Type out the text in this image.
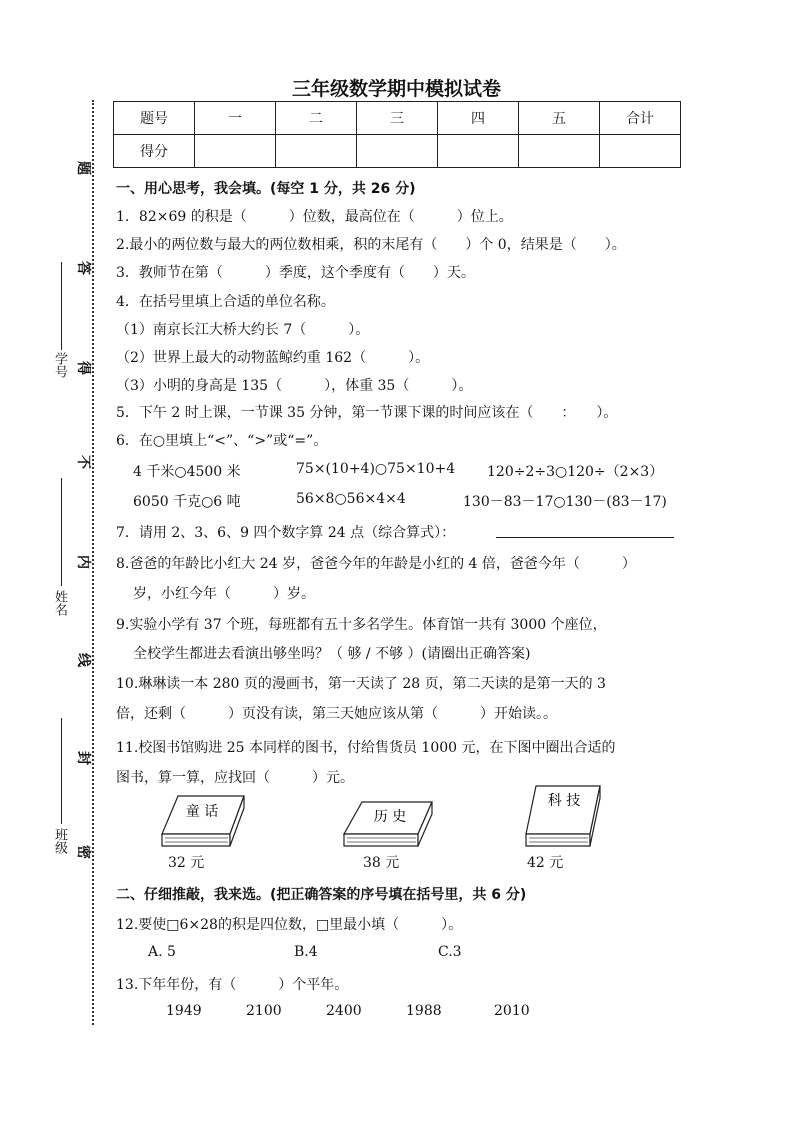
三年级数学期中模拟试卷
题号	一	二	三	四	五	合计
得分						
题
答
得
不
内
线
封
密
学号
姓名
班级
一、用心思考，我会填。(每空 1 分，共 26 分)
1．82×69 的积是（　　　）位数，最高位在（　　　）位上。
2.最小的两位数与最大的两位数相乘，积的末尾有（　　）个 0，结果是（　　）。
3．教师节在第（　　　）季度，这个季度有（　　）天。
4．在括号里填上合适的单位名称。
（1）南京长江大桥大约长 7（　　　）。
（2）世界上最大的动物蓝鲸约重 162（　　　）。
（3）小明的身高是 135（　　　），体重 35（　　　）。
5．下午 2 时上课，一节课 35 分钟，第一节课下课的时间应该在（　　：　　）。
6．在○里填上“<”、“>”或“=”。
4 千米○4500 米	75×(10+4)○75×10+4 120÷2÷3○120÷（2×3）
6050 千克○6 吨	56×8○56×4×4	130－83－17○130－(83－17)
7．请用 2、3、6、9 四个数字算 24 点（综合算式）：
8.爸爸的年龄比小红大 24 岁，爸爸今年的年龄是小红的 4 倍，爸爸今年（　　　）
岁，小红今年（　　　）岁。
9.实验小学有 37 个班，每班都有五十多名学生。体育馆一共有 3000 个座位，
全校学生都进去看演出够坐吗？（ 够 / 不够 ）(请圈出正确答案)
10.琳琳读一本 280 页的漫画书，第一天读了 28 页，第二天读的是第一天的 3
倍，还剩（　　　）页没有读，第三天她应该从第（　　　）开始读。。
11.校图书馆购进 25 本同样的图书，付给售货员 1000 元，在下图中圈出合适的
图书，算一算，应找回（　　　）元。
童 话
32 元
历 史
38 元
科 技
42 元
二、仔细推敲，我来选。(把正确答案的序号填在括号里，共 6 分)
12.要使□6×28的积是四位数，□里最小填（　　　）。
A. 5	B.4	C.3
13.下年年份，有（　　　）个平年。
1949	2100	2400	1988	2010
